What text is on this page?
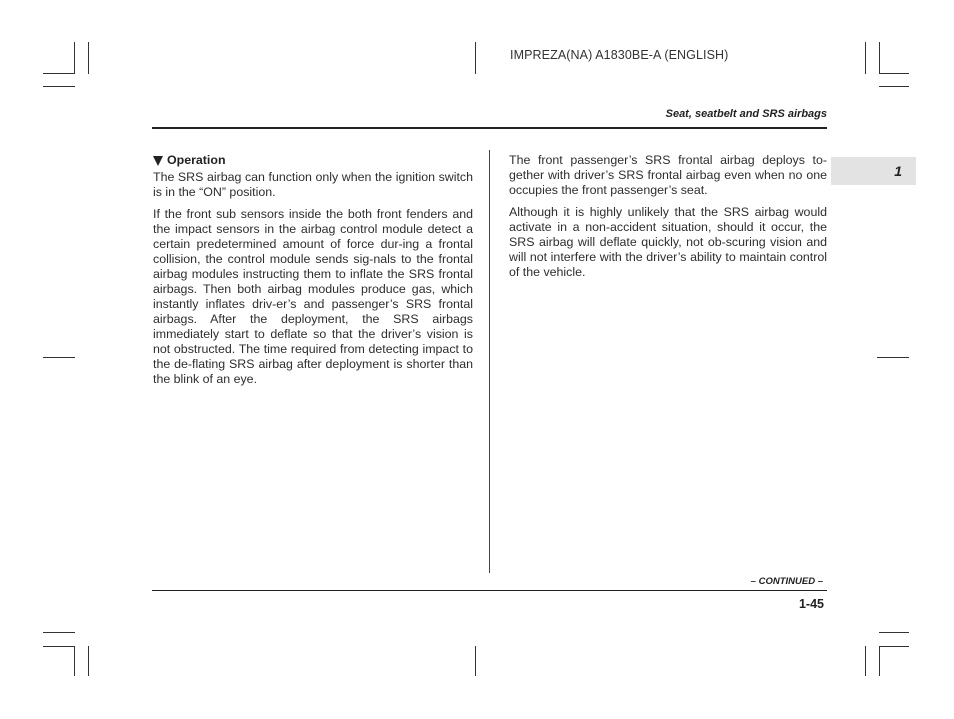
IMPREZA(NA) A1830BE-A (ENGLISH)
Seat, seatbelt and SRS airbags
1
Operation

The SRS airbag can function only when the ignition switch is in the “ON” position.

If the front sub sensors inside the both front fenders and the impact sensors in the airbag control module detect a certain predetermined amount of force dur-ing a frontal collision, the control module sends sig-nals to the frontal airbag modules instructing them to inflate the SRS frontal airbags. Then both airbag modules produce gas, which instantly inflates driv-er’s and passenger’s SRS frontal airbags. After the deployment, the SRS airbags immediately start to deflate so that the driver’s vision is not obstructed. The time required from detecting impact to the de-flating SRS airbag after deployment is shorter than the blink of an eye.

The front passenger’s SRS frontal airbag deploys to-gether with driver’s SRS frontal airbag even when no one occupies the front passenger’s seat.

Although it is highly unlikely that the SRS airbag would activate in a non-accident situation, should it occur, the SRS airbag will deflate quickly, not ob-scuring vision and will not interfere with the driver’s ability to maintain control of the vehicle.

– CONTINUED –
1-45
